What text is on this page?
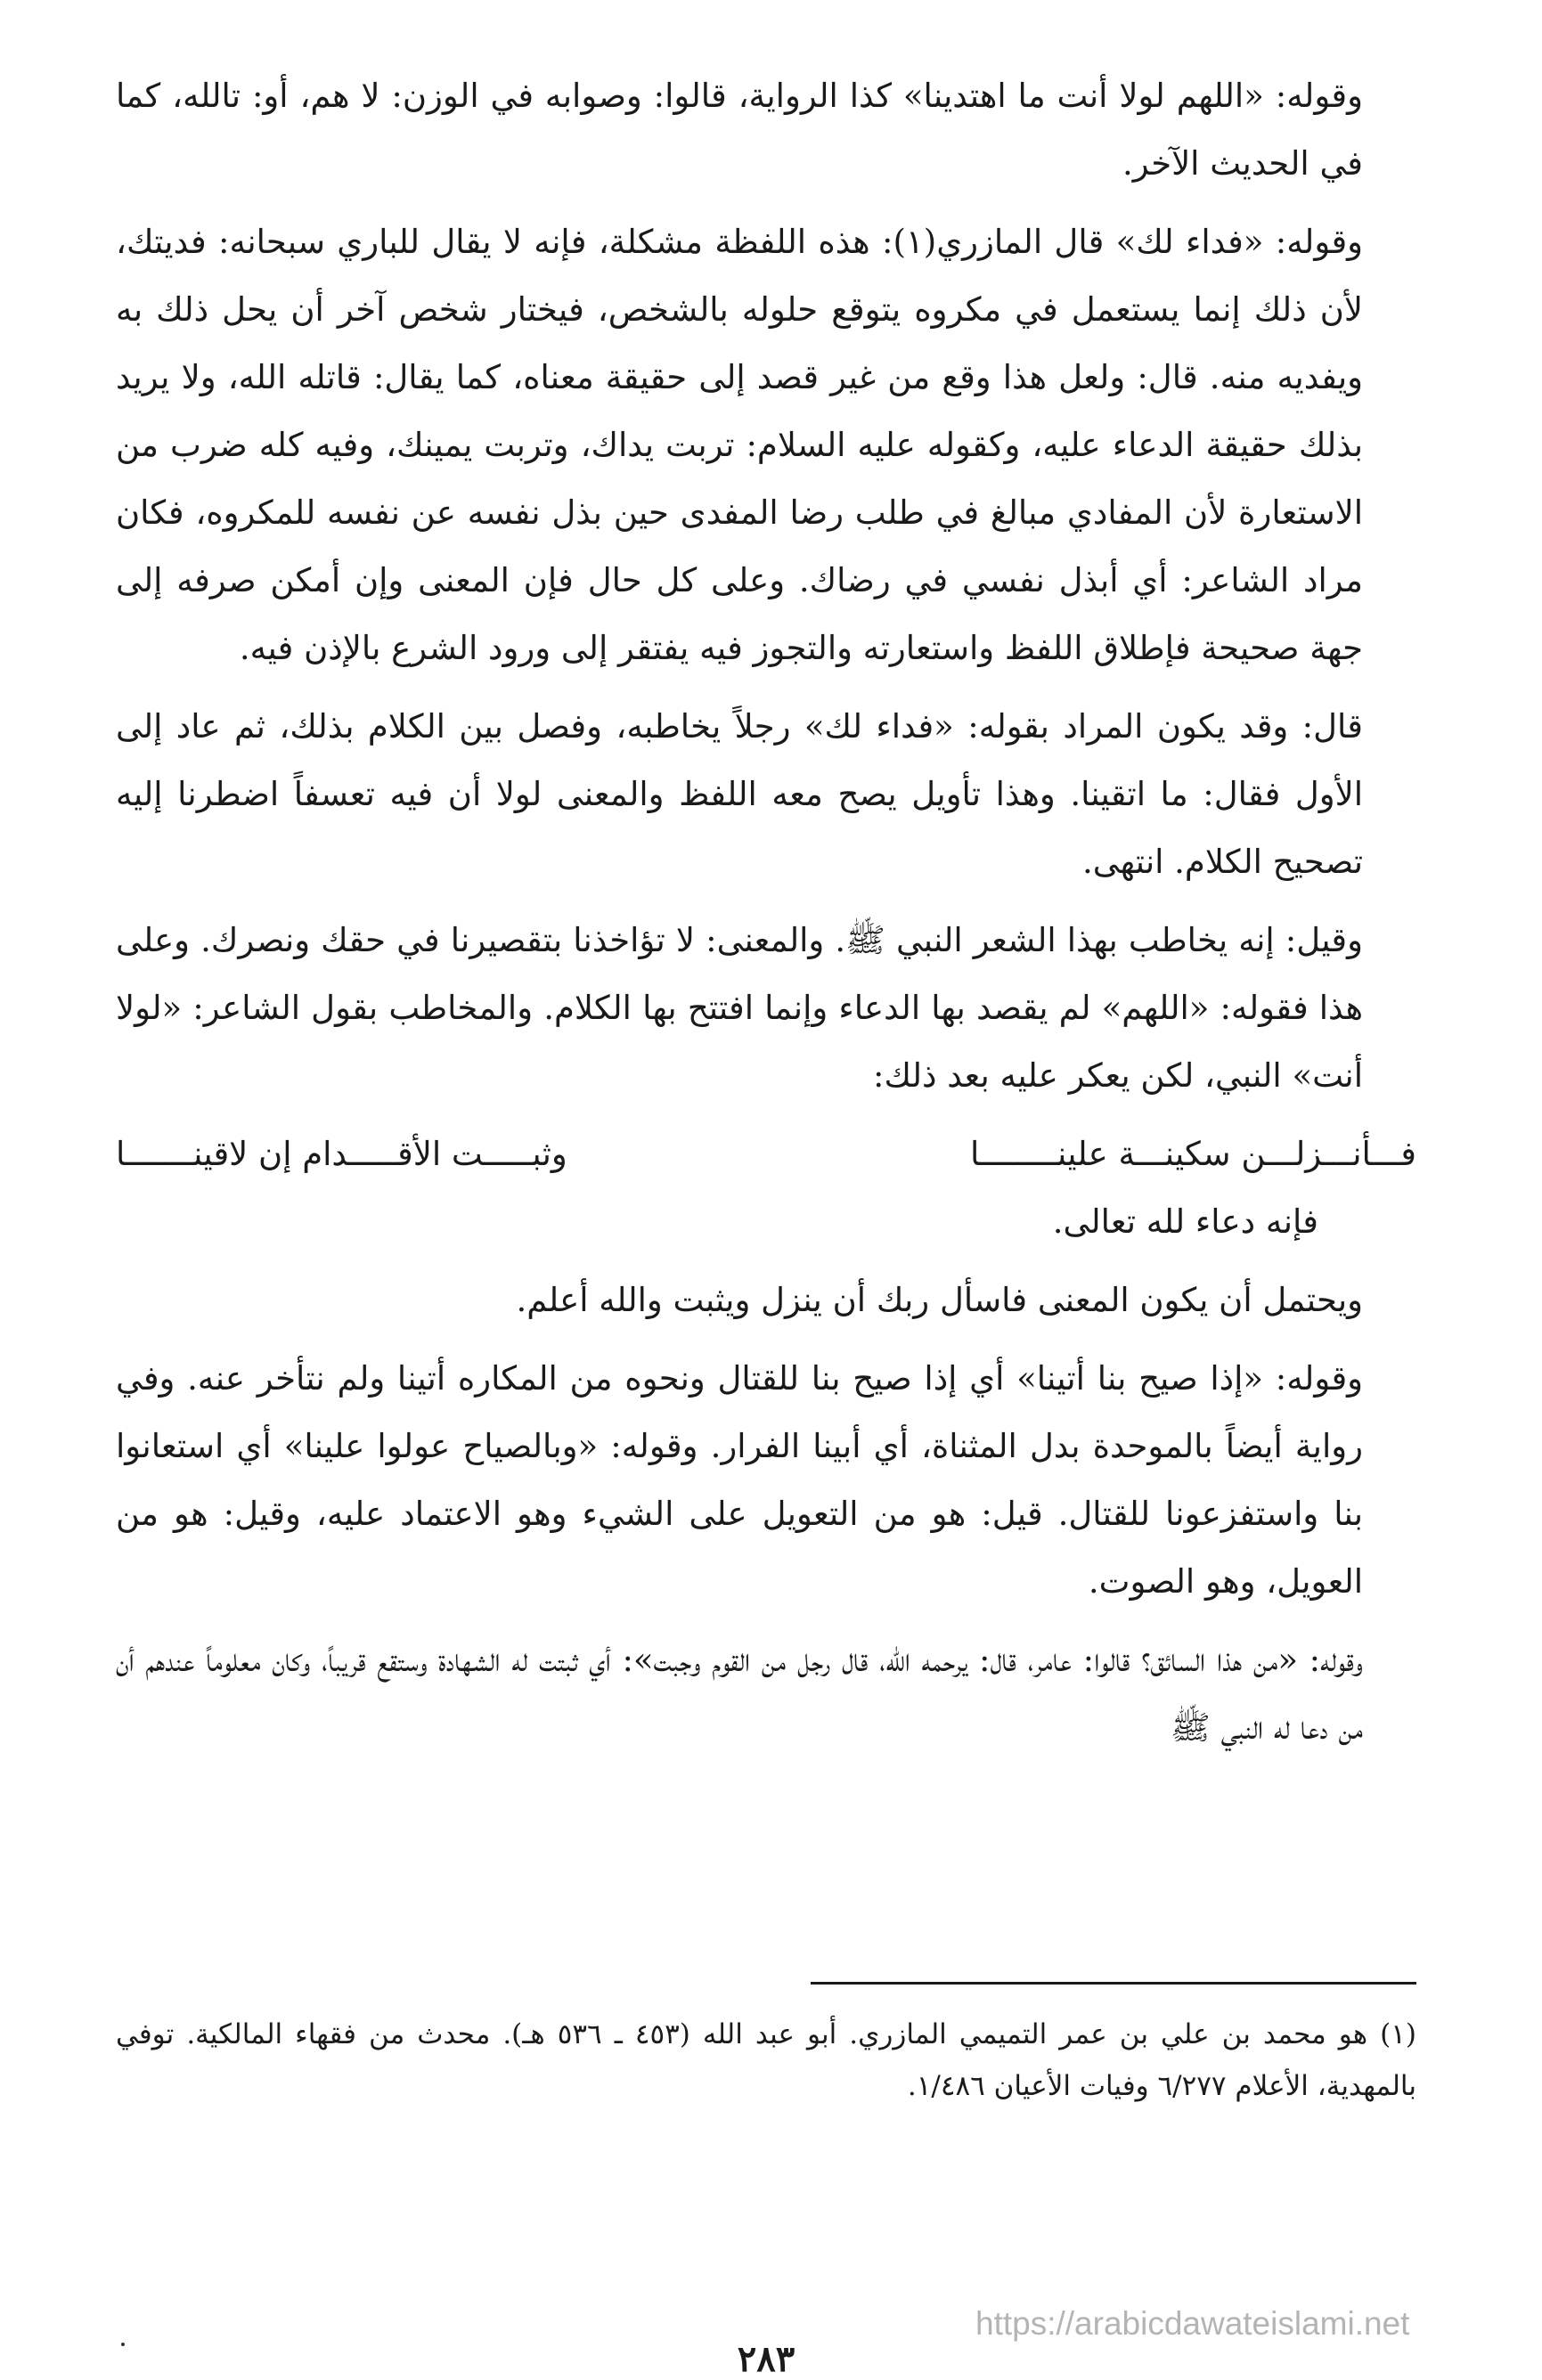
وقوله: «اللهم لولا أنت ما اهتدينا» كذا الرواية، قالوا: وصوابه في الوزن: لا هم، أو: تالله، كما في الحديث الآخر.

وقوله: «فداء لك» قال المازري(١): هذه اللفظة مشكلة، فإنه لا يقال للباري سبحانه: فديتك، لأن ذلك إنما يستعمل في مكروه يتوقع حلوله بالشخص، فيختار شخص آخر أن يحل ذلك به ويفديه منه. قال: ولعل هذا وقع من غير قصد إلى حقيقة معناه، كما يقال: قاتله الله، ولا يريد بذلك حقيقة الدعاء عليه، وكقوله عليه السلام: تربت يداك، وتربت يمينك، وفيه كله ضرب من الاستعارة لأن المفادي مبالغ في طلب رضا المفدى حين بذل نفسه عن نفسه للمكروه، فكان مراد الشاعر: أي أبذل نفسي في رضاك. وعلى كل حال فإن المعنى وإن أمكن صرفه إلى جهة صحيحة فإطلاق اللفظ واستعارته والتجوز فيه يفتقر إلى ورود الشرع بالإذن فيه.

قال: وقد يكون المراد بقوله: «فداء لك» رجلاً يخاطبه، وفصل بين الكلام بذلك، ثم عاد إلى الأول فقال: ما اتقينا. وهذا تأويل يصح معه اللفظ والمعنى لولا أن فيه تعسفاً اضطرنا إليه تصحيح الكلام. انتهى.

وقيل: إنه يخاطب بهذا الشعر النبي ﷺ. والمعنى: لا تؤاخذنا بتقصيرنا في حقك ونصرك. وعلى هذا فقوله: «اللهم» لم يقصد بها الدعاء وإنما افتتح بها الكلام. والمخاطب بقول الشاعر: «لولا أنت» النبي، لكن يعكر عليه بعد ذلك:

فـــأنـــزلـــن سكينـــة علينــــــــا
وثبـــــت الأقـــــدام إن لاقينـــــــا

فإنه دعاء لله تعالى.

ويحتمل أن يكون المعنى فاسأل ربك أن ينزل ويثبت والله أعلم.

وقوله: «إذا صيح بنا أتينا» أي إذا صيح بنا للقتال ونحوه من المكاره أتينا ولم نتأخر عنه. وفي رواية أيضاً بالموحدة بدل المثناة، أي أبينا الفرار. وقوله: «وبالصياح عولوا علينا» أي استعانوا بنا واستفزعونا للقتال. قيل: هو من التعويل على الشيء وهو الاعتماد عليه، وقيل: هو من العويل، وهو الصوت.

وقوله: «من هذا السائق؟ قالوا: عامر، قال: يرحمه الله، قال رجل من القوم وجبت»: أي ثبتت له الشهادة وستقع قريباً، وكان معلوماً عندهم أن من دعا له النبي ﷺ

(١) هو محمد بن علي بن عمر التميمي المازري. أبو عبد الله (٤٥٣ ـ ٥٣٦ هـ). محدث من فقهاء المالكية. توفي بالمهدية، الأعلام ٦/٢٧٧ وفيات الأعيان ١/٤٨٦.

٢٨٣
https://arabicdawateislami.net
